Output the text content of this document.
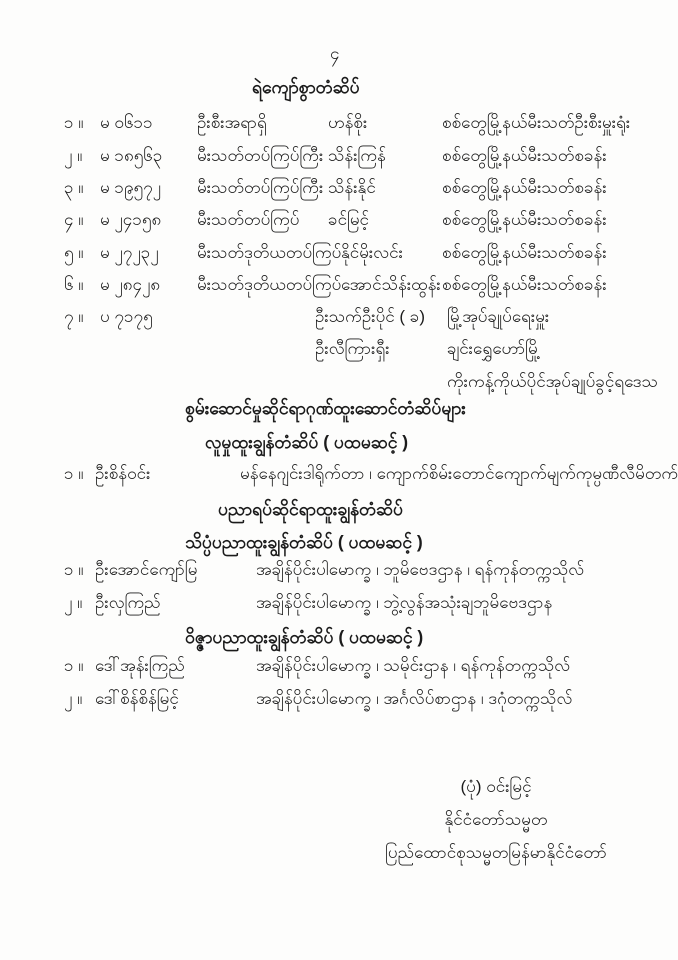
၄
ရဲကျော်စွာတံဆိပ်
၁ ။ မ ၀၆၁၁	ဦးစီးအရာရှိ	ဟန်စိုး	စစ်တွေမြို့နယ်မီးသတ်ဦးစီးမှူးရုံး
၂ ။ မ ၁၈၅၆၃ မီးသတ်တပ်ကြပ်ကြီး သိန်းကြန်	စစ်တွေမြို့နယ်မီးသတ်စခန်း
၃ ။ မ ၁၉၅၇၂ မီးသတ်တပ်ကြပ်ကြီး သိန်းနိုင်	စစ်တွေမြို့နယ်မီးသတ်စခန်း
၄ ။ မ ၂၄၁၅၈ မီးသတ်တပ်ကြပ် ခင်မြင့်	စစ်တွေမြို့နယ်မီးသတ်စခန်း
၅ ။ မ ၂၇၂၃၂ မီးသတ်ဒုတိယတပ်ကြပ် နိုင်မိုးလင်း စစ်တွေမြို့နယ်မီးသတ်စခန်း
၆ ။ မ ၂၈၄၂၈ မီးသတ်ဒုတိယတပ်ကြပ် အောင်သိန်းထွန်း စစ်တွေမြို့နယ်မီးသတ်စခန်း
၇ ။ ပ ၇၁၇၅	ဦးသက်ဦးပိုင် ( ခ) မြို့အုပ်ချုပ်ရေးမှူး
ဦးလီကြားရှီး	ချင်းရွှေဟော်မြို့
ကိုးကန့်ကိုယ်ပိုင်အုပ်ချုပ်ခွင့်ရဒေသ
စွမ်းဆောင်မှုဆိုင်ရာဂုဏ်ထူးဆောင်တံဆိပ်များ
လူမှုထူးချွန်တံဆိပ် ( ပထမဆင့် )
၁ ။ ဦးစိန်ဝင်း	မန်နေဂျင်းဒါရိုက်တာ ၊ ကျောက်စိမ်းတောင်ကျောက်မျက်ကုမ္ပဏီလီမိတက်
ပညာရပ်ဆိုင်ရာထူးချွန်တံဆိပ်
သိပ္ပံပညာထူးချွန်တံဆိပ် ( ပထမဆင့် )
၁ ။ ဦးအောင်ကျော်မြ	အချိန်ပိုင်းပါမောက္ခ ၊ ဘူမိဗေဒဌာန ၊ ရန်ကုန်တက္ကသိုလ်
၂ ။ ဦးလှကြည်	အချိန်ပိုင်းပါမောက္ခ ၊ ဘွဲ့လွန်အသုံးချဘူမိဗေဒဌာန
ဝိဇ္ဇာပညာထူးချွန်တံဆိပ် ( ပထမဆင့် )
၁ ။ ဒေါ်အုန်းကြည်	အချိန်ပိုင်းပါမောက္ခ ၊ သမိုင်းဌာန ၊ ရန်ကုန်တက္ကသိုလ်
၂ ။ ဒေါ်စိန်စိန်မြင့်	အချိန်ပိုင်းပါမောက္ခ ၊ အင်္ဂလိပ်စာဌာန ၊ ဒဂုံတက္ကသိုလ်
(ပုံ) ဝင်းမြင့်
နိုင်ငံတော်သမ္မတ
ပြည်ထောင်စုသမ္မတမြန်မာနိုင်ငံတော်
